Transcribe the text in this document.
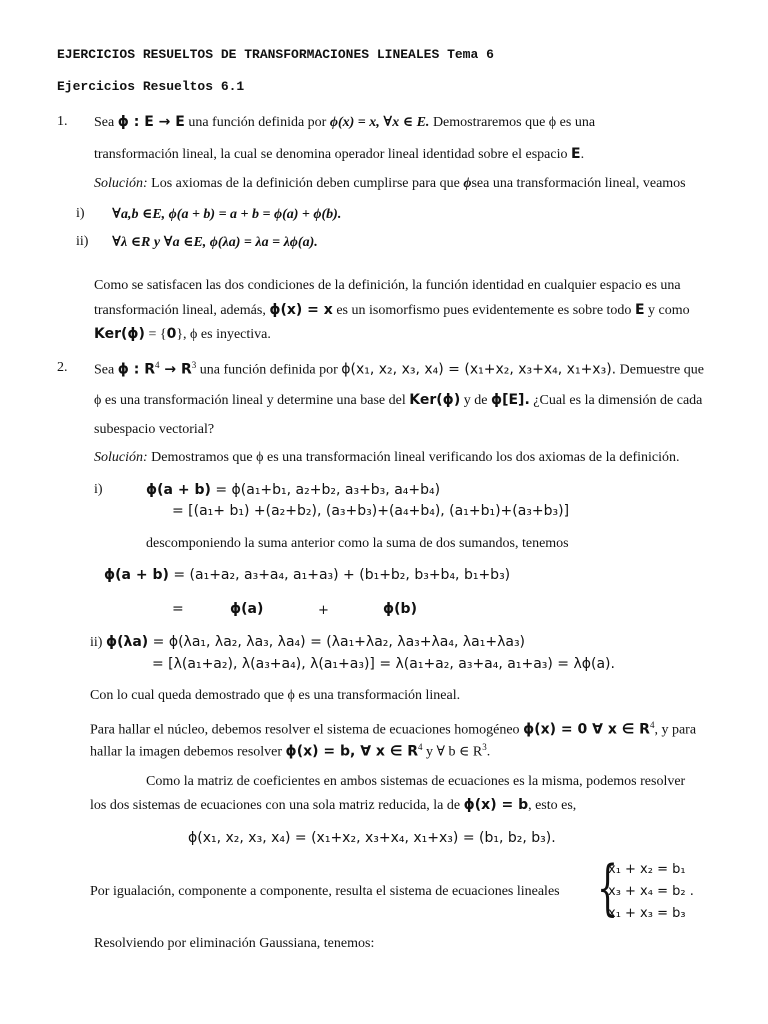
EJERCICIOS RESUELTOS DE TRANSFORMACIONES LINEALES Tema 6
Ejercicios Resueltos 6.1
1. Sea ϕ : E → E una función definida por ϕ(x) = x, ∀x ∈ E. Demostraremos que ϕ es una
transformación lineal, la cual se denomina operador lineal identidad sobre el espacio E.
Solución: Los axiomas de la definición deben cumplirse para que ϕsea una transformación lineal, veamos
i) ∀a,b ∈E, ϕ(a + b) = a + b = ϕ(a) + ϕ(b).
ii) ∀λ ∈R y ∀a ∈E, ϕ(λa) = λa = λϕ(a).
Como se satisfacen las dos condiciones de la definición, la función identidad en cualquier espacio es una
transformación lineal, además, ϕ(x) = x es un isomorfismo pues evidentemente es sobre todo E y como
Ker(ϕ) = {0}, ϕ es inyectiva.
2. Sea ϕ : $R^4 \to R^3$ una función definida por ϕ(x₁, x₂, x₃, x₄) = (x₁+x₂, x₃+x₄, x₁+x₃). Demuestre que
ϕ es una transformación lineal y determine una base del Ker(ϕ) y de ϕ[E]. ¿Cual es la dimensión de cada
subespacio vectorial?
Solución: Demostramos que ϕ es una transformación lineal verificando los dos axiomas de la definición.
i)	ϕ(a + b) = ϕ(a₁+b₁, a₂+b₂, a₃+b₃, a₄+b₄)
= [(a₁+ b₁) +(a₂+b₂), (a₃+b₃)+(a₄+b₄), (a₁+b₁)+(a₃+b₃)]
descomponiendo la suma anterior como la suma de dos sumandos, tenemos
ϕ(a + b) = (a₁+a₂, a₃+a₄, a₁+a₃) + (b₁+b₂, b₃+b₄, b₁+b₃)
=	ϕ(a)	+	ϕ(b)
ii) ϕ(λa) = ϕ(λa₁, λa₂, λa₃, λa₄) = (λa₁+λa₂, λa₃+λa₄, λa₁+λa₃)
= [λ(a₁+a₂), λ(a₃+a₄), λ(a₁+a₃)] = λ(a₁+a₂, a₃+a₄, a₁+a₃) = λϕ(a).
Con lo cual queda demostrado que ϕ es una transformación lineal.
Para hallar el núcleo, debemos resolver el sistema de ecuaciones homogéneo ϕ(x) = 0 ∀ x ∈ $R^4$, y para
hallar la imagen debemos resolver ϕ(x) = b, ∀ x ∈ $R^4$ y ∀ b ∈ $R^3$.
Como la matriz de coeficientes en ambos sistemas de ecuaciones es la misma, podemos resolver
los dos sistemas de ecuaciones con una sola matriz reducida, la de ϕ(x) = b, esto es,
ϕ(x₁, x₂, x₃, x₄) = (x₁+x₂, x₃+x₄, x₁+x₃) = (b₁, b₂, b₃).
Por igualación, componente a componente, resulta el sistema de ecuaciones lineales {
x₁ + x₂ = b₁
x₃ + x₄ = b₂ .
x₁ + x₃ = b₃
Resolviendo por eliminación Gaussiana, tenemos:
